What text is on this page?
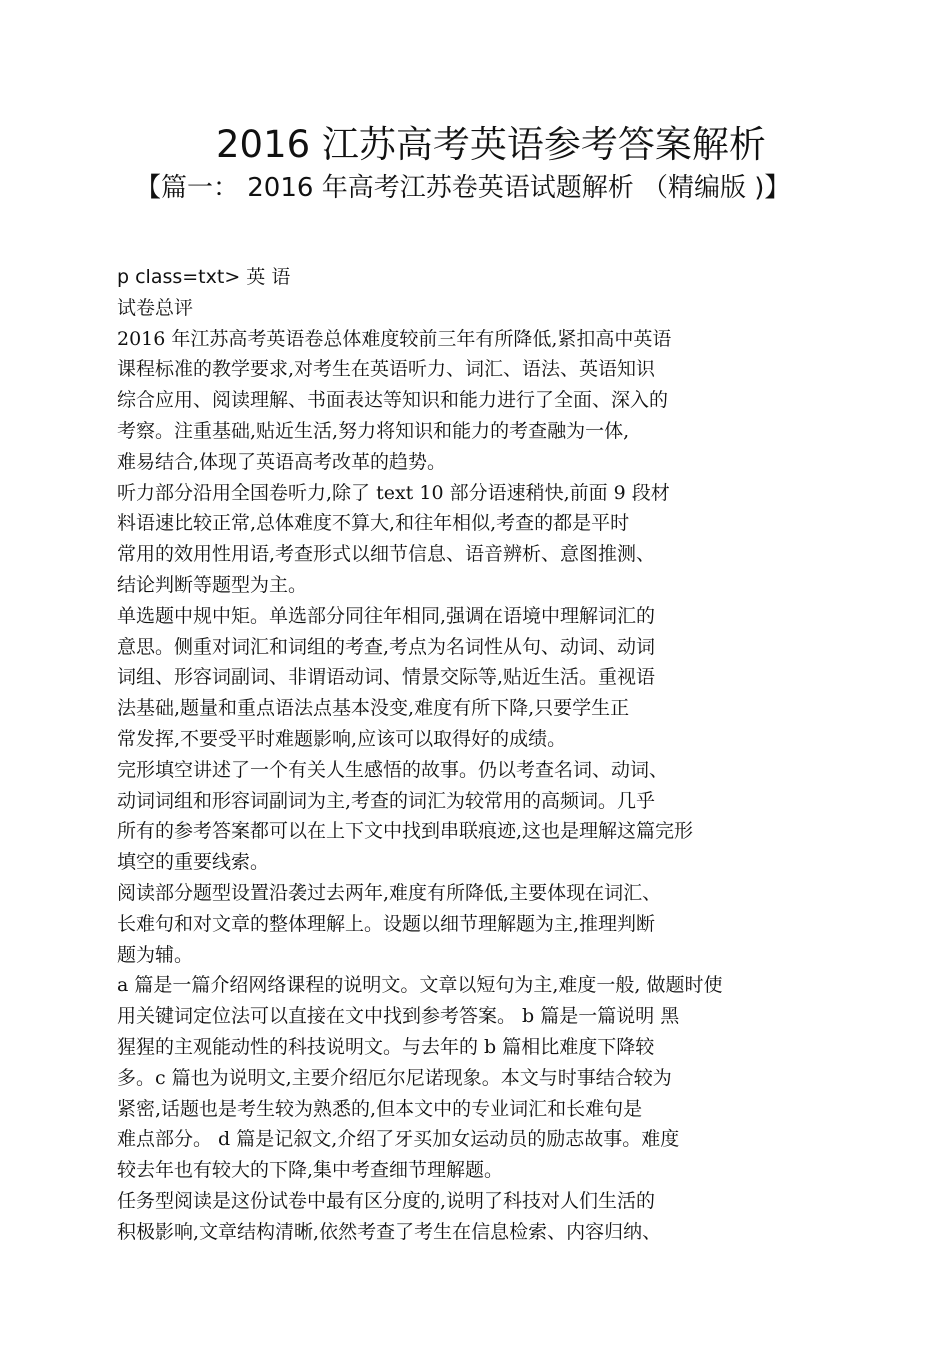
2016 江苏高考英语参考答案解析
【篇一： 2016 年高考江苏卷英语试题解析 （精编版 )】
p class=txt> 英 语
试卷总评
2016 年江苏高考英语卷总体难度较前三年有所降低,紧扣高中英语
课程标准的教学要求,对考生在英语听力、词汇、语法、英语知识
综合应用、阅读理解、书面表达等知识和能力进行了全面、深入的
考察。注重基础,贴近生活,努力将知识和能力的考查融为一体,
难易结合,体现了英语高考改革的趋势。
听力部分沿用全国卷听力,除了 text 10 部分语速稍快,前面 9 段材
料语速比较正常,总体难度不算大,和往年相似,考查的都是平时
常用的效用性用语,考查形式以细节信息、语音辨析、意图推测、
结论判断等题型为主。
单选题中规中矩。单选部分同往年相同,强调在语境中理解词汇的
意思。侧重对词汇和词组的考查,考点为名词性从句、动词、动词
词组、形容词副词、非谓语动词、情景交际等,贴近生活。重视语
法基础,题量和重点语法点基本没变,难度有所下降,只要学生正
常发挥,不要受平时难题影响,应该可以取得好的成绩。
完形填空讲述了一个有关人生感悟的故事。仍以考查名词、动词、
动词词组和形容词副词为主,考查的词汇为较常用的高频词。几乎
所有的参考答案都可以在上下文中找到串联痕迹,这也是理解这篇完形
填空的重要线索。
阅读部分题型设置沿袭过去两年,难度有所降低,主要体现在词汇、
长难句和对文章的整体理解上。设题以细节理解题为主,推理判断
题为辅。
a 篇是一篇介绍网络课程的说明文。文章以短句为主,难度一般, 做题时使
用关键词定位法可以直接在文中找到参考答案。 b 篇是一篇说明 黑
猩猩的主观能动性的科技说明文。与去年的 b 篇相比难度下降较
多。c 篇也为说明文,主要介绍厄尔尼诺现象。本文与时事结合较为
紧密,话题也是考生较为熟悉的,但本文中的专业词汇和长难句是
难点部分。 d 篇是记叙文,介绍了牙买加女运动员的励志故事。难度
较去年也有较大的下降,集中考查细节理解题。
任务型阅读是这份试卷中最有区分度的,说明了科技对人们生活的
积极影响,文章结构清晰,依然考查了考生在信息检索、内容归纳、
